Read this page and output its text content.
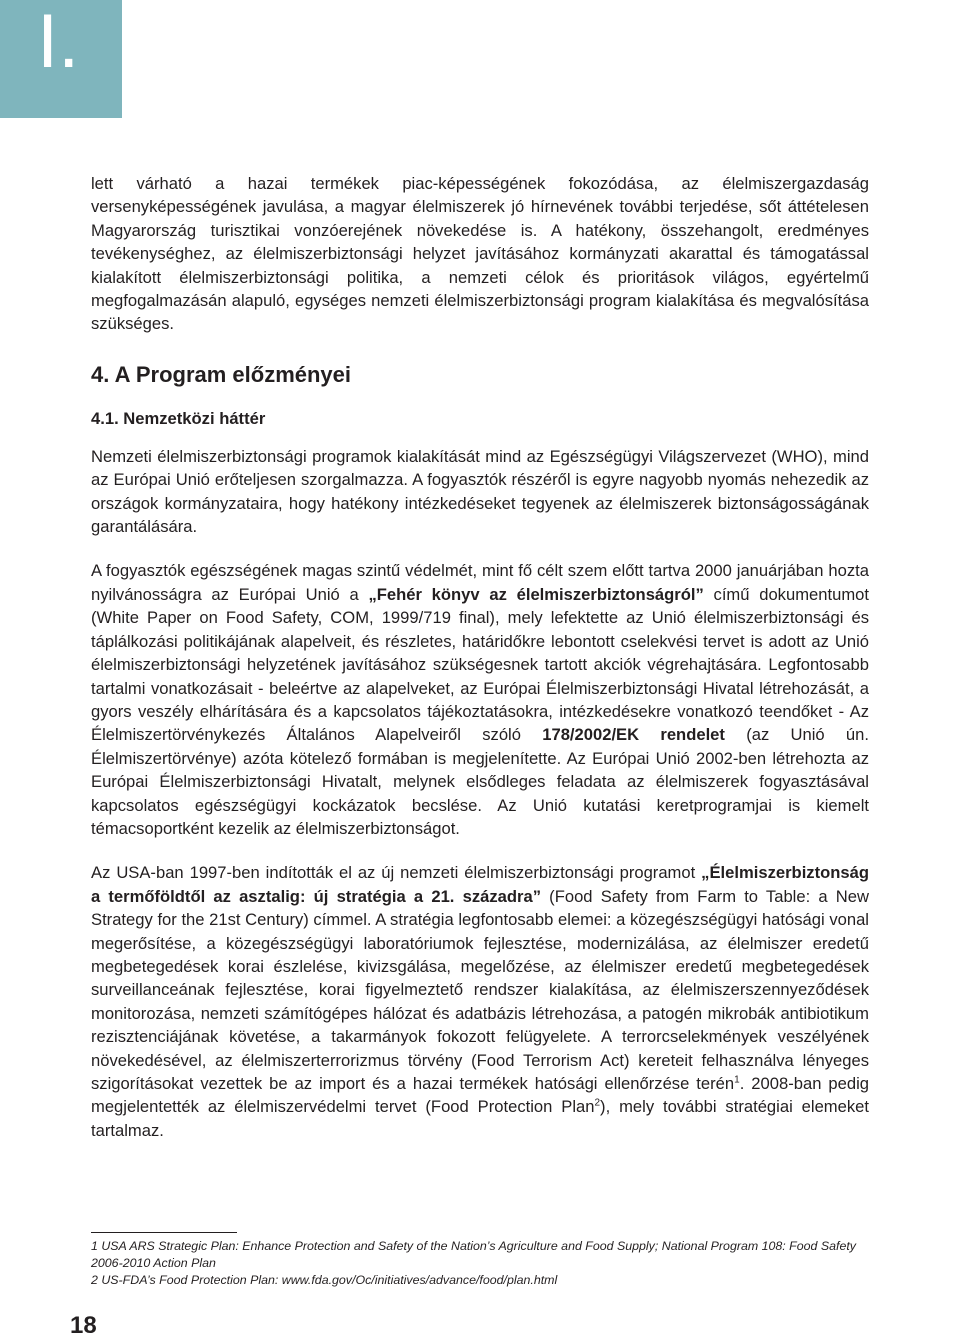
I.

lett várható a hazai termékek piac-képességének fokozódása, az élelmiszergazdaság versenyképességének javulása, a magyar élelmiszerek jó hírnevének további terjedése, sőt áttételesen Magyarország turisztikai vonzóerejének növekedése is. A hatékony, összehangolt, eredményes tevékenységhez, az élelmiszerbiztonsági helyzet javításához kormányzati akarattal és támogatással kialakított élelmiszerbiztonsági politika, a nemzeti célok és prioritások világos, egyértelmű megfogalmazásán alapuló, egységes nemzeti élelmiszerbiztonsági program kialakítása és megvalósítása szükséges.

4. A Program előzményei
4.1. Nemzetközi háttér

Nemzeti élelmiszerbiztonsági programok kialakítását mind az Egészségügyi Világszervezet (WHO), mind az Európai Unió erőteljesen szorgalmazza. A fogyasztók részéről is egyre nagyobb nyomás nehezedik az országok kormányzataira, hogy hatékony intézkedéseket tegyenek az élelmiszerek biztonságosságának garantálására.

A fogyasztók egészségének magas szintű védelmét, mint fő célt szem előtt tartva 2000 januárjában hozta nyilvánosságra az Európai Unió a „Fehér könyv az élelmiszerbiztonságról” című dokumentumot (White Paper on Food Safety, COM, 1999/719 final), mely lefektette az Unió élelmiszerbiztonsági és táplálkozási politikájának alapelveit, és részletes, határidőkre lebontott cselekvési tervet is adott az Unió élelmiszerbiztonsági helyzetének javításához szükségesnek tartott akciók végrehajtására. Legfontosabb tartalmi vonatkozásait - beleértve az alapelveket, az Európai Élelmiszerbiztonsági Hivatal létrehozását, a gyors veszély elhárítására és a kapcsolatos tájékoztatásokra, intézkedésekre vonatkozó teendőket - Az Élelmiszertörvénykezés Általános Alapelveiről szóló 178/2002/EK rendelet (az Unió ún. Élelmiszertörvénye) azóta kötelező formában is megjelenítette. Az Európai Unió 2002-ben létrehozta az Európai Élelmiszerbiztonsági Hivatalt, melynek elsődleges feladata az élelmiszerek fogyasztásával kapcsolatos egészségügyi kockázatok becslése. Az Unió kutatási keretprogramjai is kiemelt témacsoportként kezelik az élelmiszerbiztonságot.

Az USA-ban 1997-ben indították el az új nemzeti élelmiszerbiztonsági programot „Élelmiszerbiztonság a termőföldtől az asztalig: új stratégia a 21. századra” (Food Safety from Farm to Table: a New Strategy for the 21st Century) címmel. A stratégia legfontosabb elemei: a közegészségügyi hatósági vonal megerősítése, a közegészségügyi laboratóriumok fejlesztése, modernizálása, az élelmiszer eredetű megbetegedések korai észlelése, kivizsgálása, megelőzése, az élelmiszer eredetű megbetegedések surveillanceának fejlesztése, korai figyelmeztető rendszer kialakítása, az élelmiszerszennyeződések monitorozása, nemzeti számítógépes hálózat és adatbázis létrehozása, a patogén mikrobák antibiotikum rezisztenciájának követése, a takarmányok fokozott felügyelete. A terrorcselekmények veszélyének növekedésével, az élelmiszerterrorizmus törvény (Food Terrorism Act) kereteit felhasználva lényeges szigorításokat vezettek be az import és a hazai termékek hatósági ellenőrzése terén$^1$. 2008-ban pedig megjelentették az élelmiszervédelmi tervet (Food Protection Plan$^2$), mely további stratégiai elemeket tartalmaz.

1 USA ARS Strategic Plan: Enhance Protection and Safety of the Nation’s Agriculture and Food Supply; National Program 108: Food Safety 2006-2010 Action Plan
2 US-FDA’s Food Protection Plan: www.fda.gov/Oc/initiatives/advance/food/plan.html
18
